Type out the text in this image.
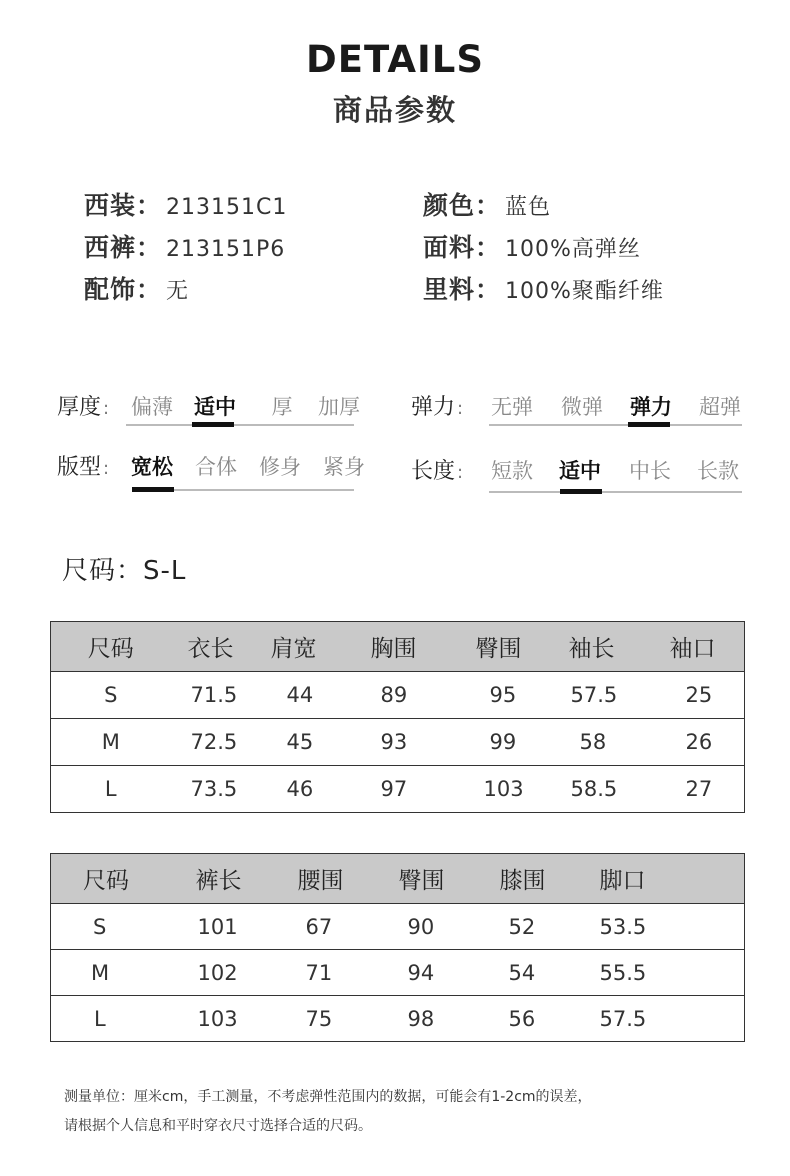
DETAILS
商品参数
西装： 213151C1
西裤： 213151P6
配饰： 无
颜色： 蓝色
面料： 100%高弹丝
里料： 100%聚酯纤维
厚度 : 偏薄 适中	厚	加厚 弹力 : 无弹 微弹 弹力 超弹
版型 : 宽松 合体 修身 紧身 长度 : 短款 适中 中长 长款
尺码：S-L
尺码	衣长	肩宽	胸围	臀围	袖长	袖口
S	71.5	44	89	95	57.5	25
M	72.5	45	93	99	58	26
L	73.5	46	97	103	58.5	27
尺码	裤长	腰围	臀围	膝围	脚口
S	101	67	90	52	53.5
M	102	71	94	54	55.5
L	103	75	98	56	57.5
测量单位：厘米cm，手工测量，不考虑弹性范围内的数据，可能会有1-2cm的误差，
请根据个人信息和平时穿衣尺寸选择合适的尺码。
